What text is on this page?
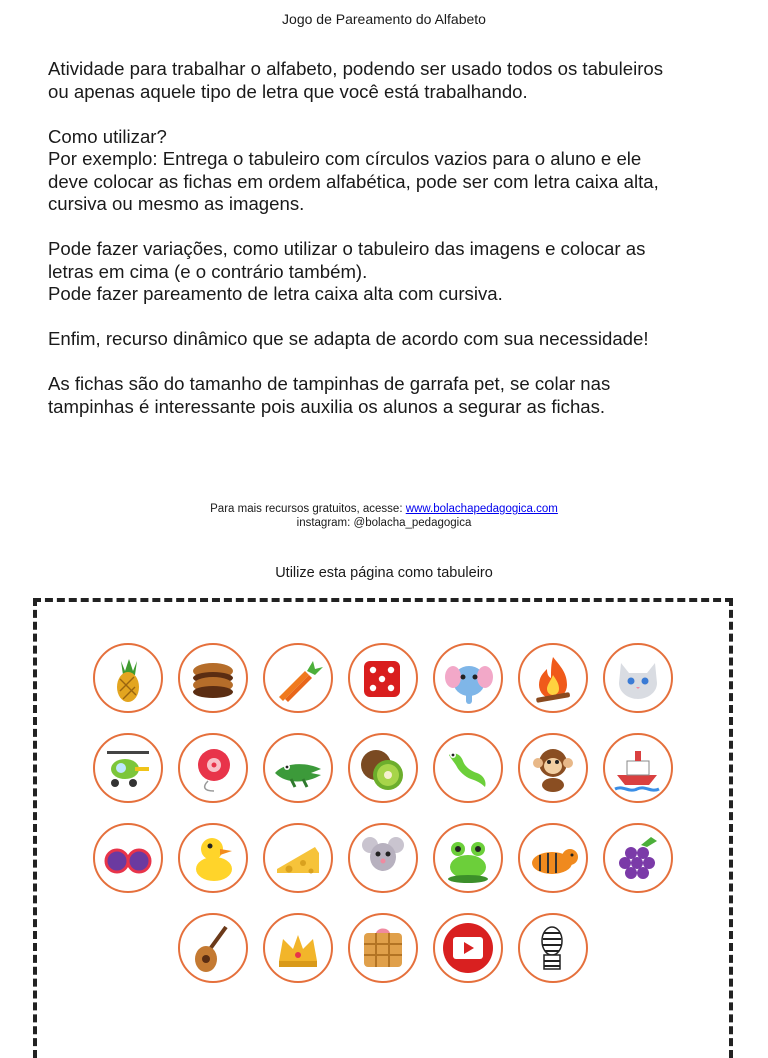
Jogo de Pareamento do Alfabeto

Atividade para trabalhar o alfabeto, podendo ser usado todos os tabuleiros
ou apenas aquele tipo de letra que você está trabalhando.

Como utilizar?
Por exemplo: Entrega o tabuleiro com círculos vazios para o aluno e ele
deve colocar as fichas em ordem alfabética, pode ser com letra caixa alta,
cursiva ou mesmo as imagens.

Pode fazer variações, como utilizar o tabuleiro das imagens e colocar as
letras em cima (e o contrário também).
Pode fazer pareamento de letra caixa alta com cursiva.

Enfim, recurso dinâmico que se adapta de acordo com sua necessidade!

As fichas são do tamanho de tampinhas de garrafa pet, se colar nas
tampinhas é interessante pois auxilia os alunos a segurar as fichas.

Para mais recursos gratuitos, acesse: www.bolachapedagogica.com
instagram: @bolacha_pedagogica
Utilize esta página como tabuleiro
